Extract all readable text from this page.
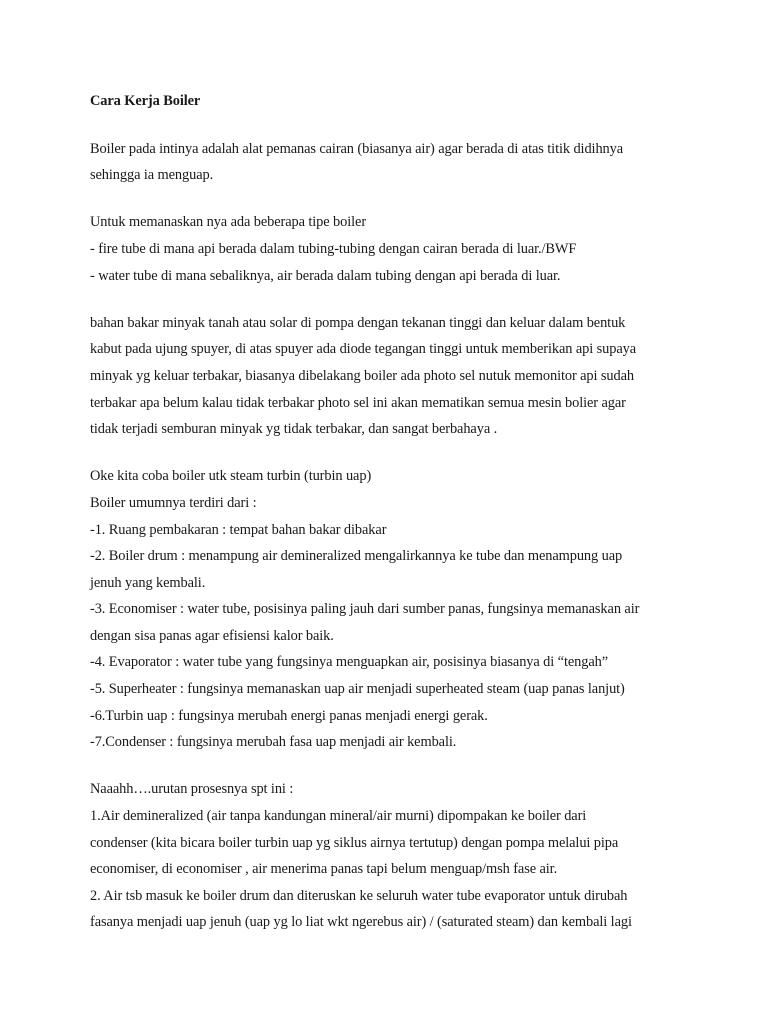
Cara Kerja Boiler
Boiler pada intinya adalah alat pemanas cairan (biasanya air) agar berada di atas titik didihnya
sehingga ia menguap.
Untuk memanaskan nya ada beberapa tipe boiler
- fire tube di mana api berada dalam tubing-tubing dengan cairan berada di luar./BWF
- water tube di mana sebaliknya, air berada dalam tubing dengan api berada di luar.
bahan bakar minyak tanah atau solar di pompa dengan tekanan tinggi dan keluar dalam bentuk
kabut pada ujung spuyer, di atas spuyer ada diode tegangan tinggi untuk memberikan api supaya
minyak yg keluar terbakar, biasanya dibelakang boiler ada photo sel nutuk memonitor api sudah
terbakar apa belum kalau tidak terbakar photo sel ini akan mematikan semua mesin bolier agar
tidak terjadi semburan minyak yg tidak terbakar, dan sangat berbahaya .
Oke kita coba boiler utk steam turbin (turbin uap)
Boiler umumnya terdiri dari :
-1. Ruang pembakaran : tempat bahan bakar dibakar
-2. Boiler drum : menampung air demineralized mengalirkannya ke tube dan menampung uap
jenuh yang kembali.
-3. Economiser : water tube, posisinya paling jauh dari sumber panas, fungsinya memanaskan air
dengan sisa panas agar efisiensi kalor baik.
-4. Evaporator : water tube yang fungsinya menguapkan air, posisinya biasanya di “tengah”
-5. Superheater : fungsinya memanaskan uap air menjadi superheated steam (uap panas lanjut)
-6.Turbin uap : fungsinya merubah energi panas menjadi energi gerak.
-7.Condenser : fungsinya merubah fasa uap menjadi air kembali.
Naaahh….urutan prosesnya spt ini :
1.Air demineralized (air tanpa kandungan mineral/air murni) dipompakan ke boiler dari
condenser (kita bicara boiler turbin uap yg siklus airnya tertutup) dengan pompa melalui pipa
economiser, di economiser , air menerima panas tapi belum menguap/msh fase air.
2. Air tsb masuk ke boiler drum dan diteruskan ke seluruh water tube evaporator untuk dirubah
fasanya menjadi uap jenuh (uap yg lo liat wkt ngerebus air) / (saturated steam) dan kembali lagi
